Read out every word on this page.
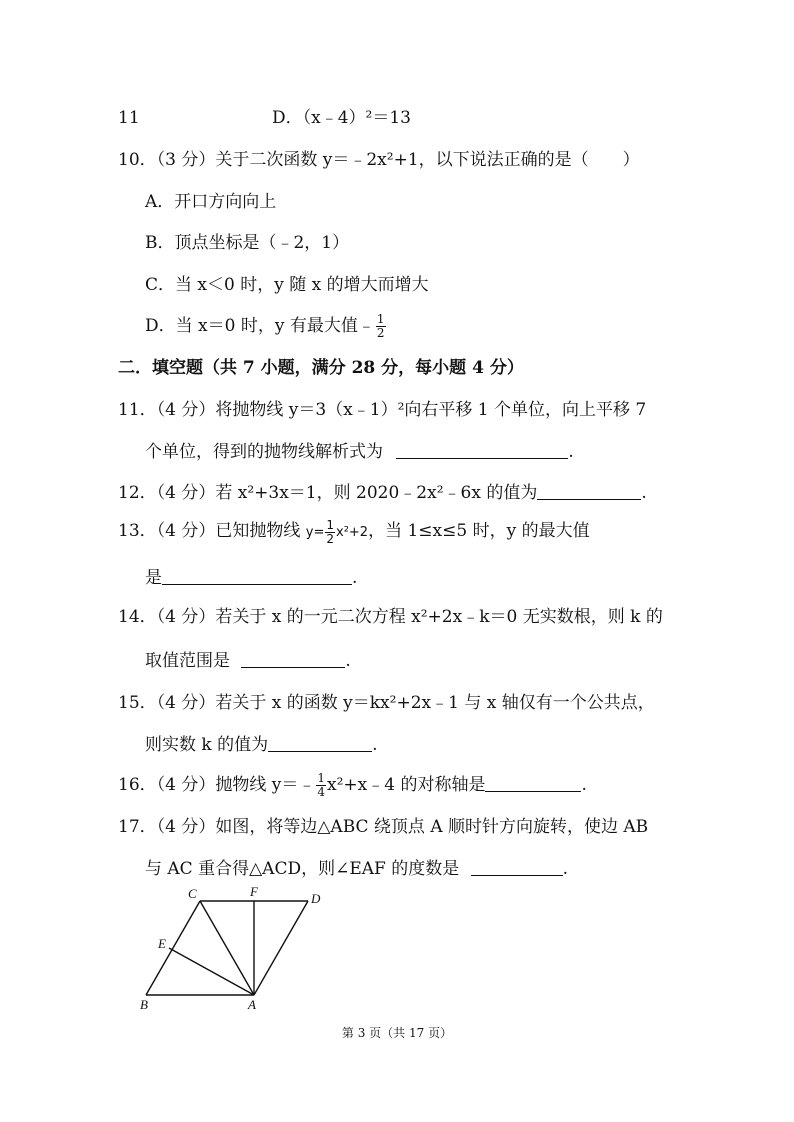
11	D．（x﹣4）²＝13
10．（3 分）关于二次函数 y＝﹣2x²+1，以下说法正确的是（　　）
A．开口方向向上
B．顶点坐标是（﹣2，1）
C．当 x＜0 时，y 随 x 的增大而增大
D．当 x＝0 时，y 有最大值﹣ $\frac{1}{2}$
二．填空题（共 7 小题，满分 28 分，每小题 4 分）
11．（4 分）将抛物线 y＝3（x﹣1）²向右平移 1 个单位，向上平移 7
个单位，得到的抛物线解析式为	.
12．（4 分）若 x²+3x＝1，则 2020﹣2x²﹣6x 的值为	.
13．（4 分）已知抛物线 $y= \frac{1}{2} x^2+2$，当 1≤x≤5 时，y 的最大值
是	.
14．（4 分）若关于 x 的一元二次方程 x²+2x﹣k＝0 无实数根，则 k 的
取值范围是	.
15．（4 分）若关于 x 的函数 y＝kx²+2x﹣1 与 x 轴仅有一个公共点，
则实数 k 的值为	.
16．（4 分）抛物线 y＝﹣ $\frac{1}{4}$ x²+x﹣4 的对称轴是	.
17．（4 分）如图，将等边△ABC 绕顶点 A 顺时针方向旋转，使边 AB
与 AC 重合得△ACD，则∠EAF 的度数是	.
C	F	D
E
B	A
第 3 页（共 17 页）
